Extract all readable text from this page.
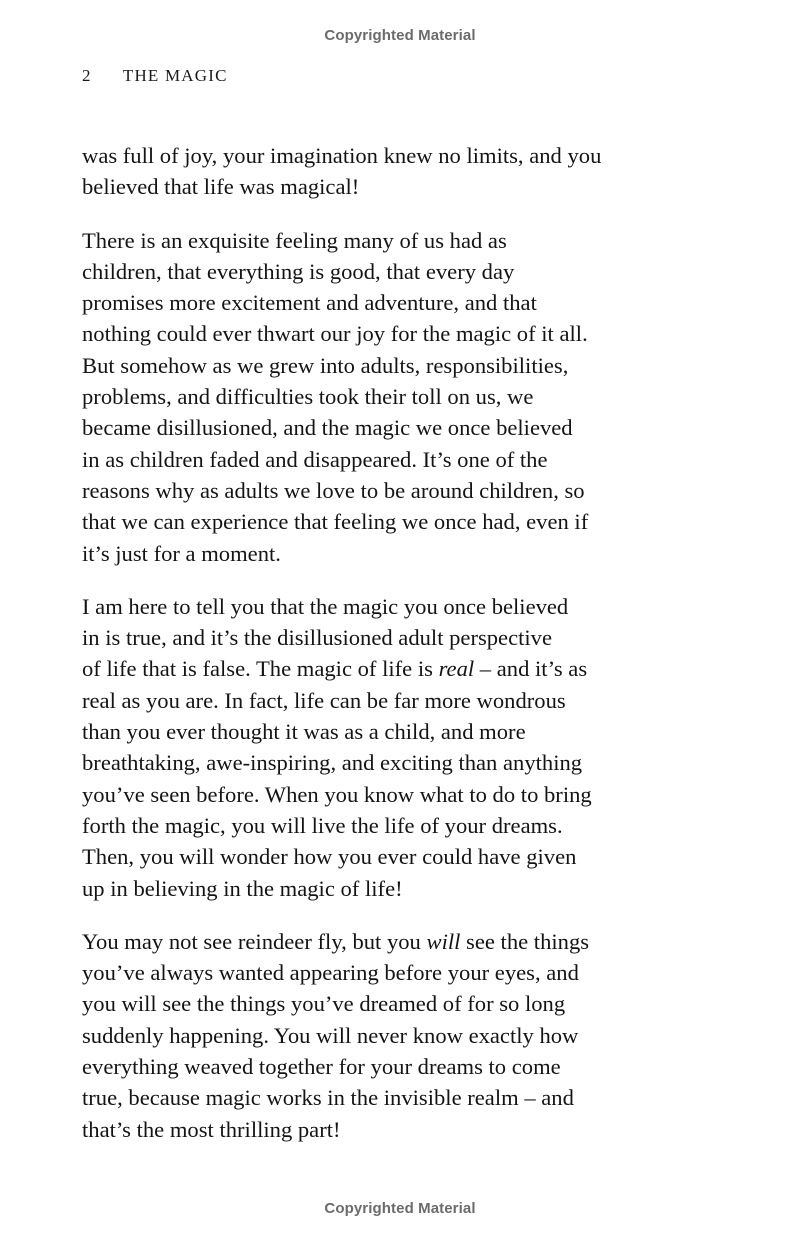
Copyrighted Material
2 THE MAGIC

was full of joy, your imagination knew no limits, and you
believed that life was magical!

There is an exquisite feeling many of us had as
children, that everything is good, that every day
promises more excitement and adventure, and that
nothing could ever thwart our joy for the magic of it all.
But somehow as we grew into adults, responsibilities,
problems, and difficulties took their toll on us, we
became disillusioned, and the magic we once believed
in as children faded and disappeared. It’s one of the
reasons why as adults we love to be around children, so
that we can experience that feeling we once had, even if
it’s just for a moment.

I am here to tell you that the magic you once believed
in is true, and it’s the disillusioned adult perspective
of life that is false. The magic of life is real – and it’s as
real as you are. In fact, life can be far more wondrous
than you ever thought it was as a child, and more
breathtaking, awe-inspiring, and exciting than anything
you’ve seen before. When you know what to do to bring
forth the magic, you will live the life of your dreams.
Then, you will wonder how you ever could have given
up in believing in the magic of life!

You may not see reindeer fly, but you will see the things
you’ve always wanted appearing before your eyes, and
you will see the things you’ve dreamed of for so long
suddenly happening. You will never know exactly how
everything weaved together for your dreams to come
true, because magic works in the invisible realm – and
that’s the most thrilling part!

Copyrighted Material
